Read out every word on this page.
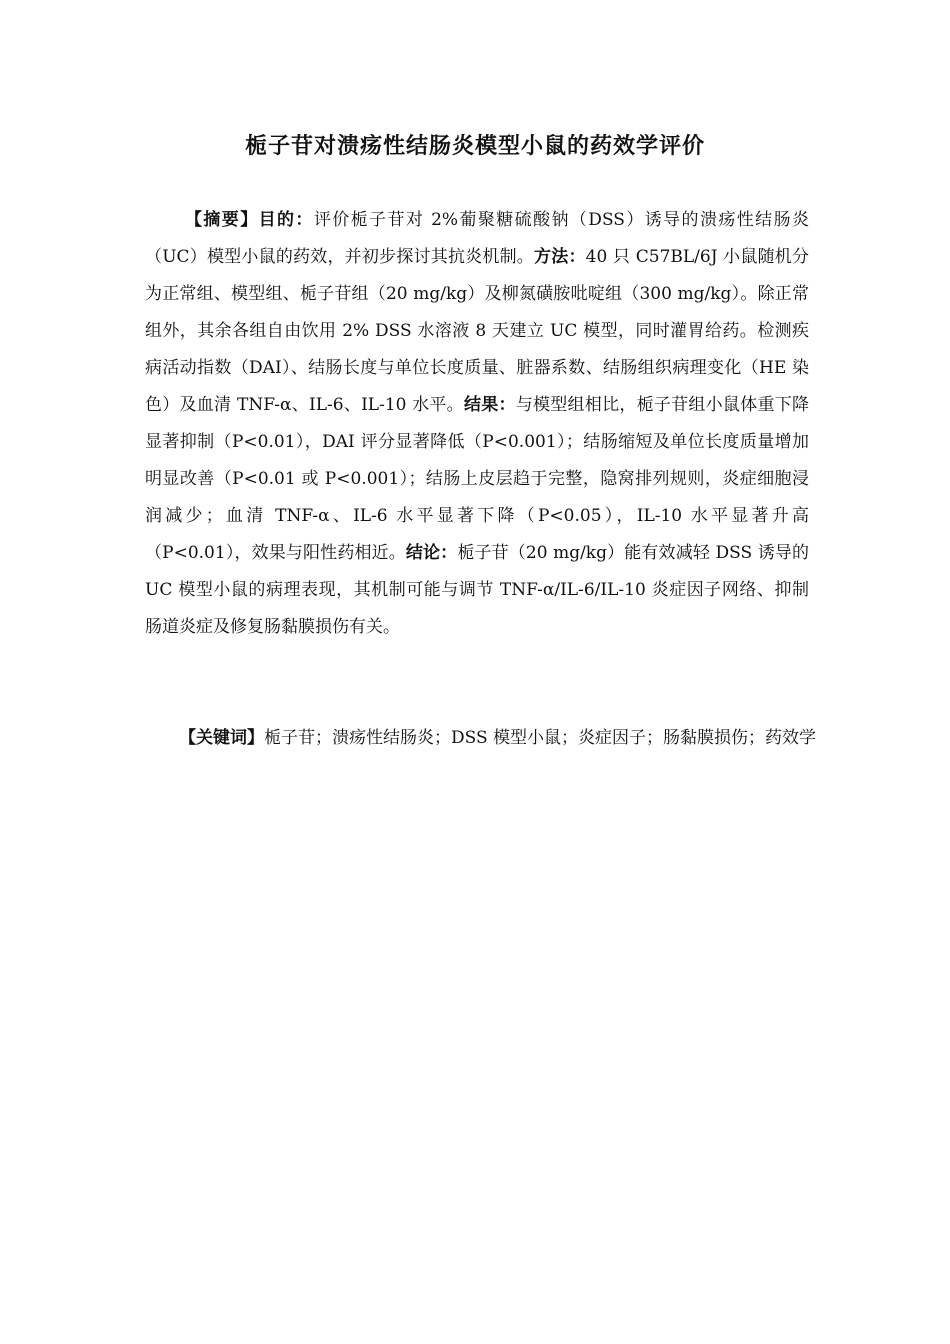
栀子苷对溃疡性结肠炎模型小鼠的药效学评价

【摘要】目的：评价栀子苷对 2%葡聚糖硫酸钠（DSS）诱导的溃疡性结肠炎（UC）模型小鼠的药效，并初步探讨其抗炎机制。方法：40 只 C57BL/6J 小鼠随机分为正常组、模型组、栀子苷组（20 mg/kg）及柳氮磺胺吡啶组（300 mg/kg）。除正常组外，其余各组自由饮用 2% DSS 水溶液 8 天建立 UC 模型，同时灌胃给药。检测疾病活动指数（DAI）、结肠长度与单位长度质量、脏器系数、结肠组织病理变化（HE 染色）及血清 TNF-α、IL-6、IL-10 水平。结果：与模型组相比，栀子苷组小鼠体重下降显著抑制（P<0.01），DAI 评分显著降低（P<0.001）；结肠缩短及单位长度质量增加明显改善（P<0.01 或 P<0.001）；结肠上皮层趋于完整，隐窝排列规则，炎症细胞浸润减少；血清 TNF-α、IL-6 水平显著下降（P<0.05），IL-10 水平显著升高（P<0.01），效果与阳性药相近。结论：栀子苷（20 mg/kg）能有效减轻 DSS 诱导的 UC 模型小鼠的病理表现，其机制可能与调节 TNF-α/IL-6/IL-10 炎症因子网络、抑制肠道炎症及修复肠黏膜损伤有关。

【关键词】栀子苷；溃疡性结肠炎；DSS 模型小鼠；炎症因子；肠黏膜损伤；药效学
